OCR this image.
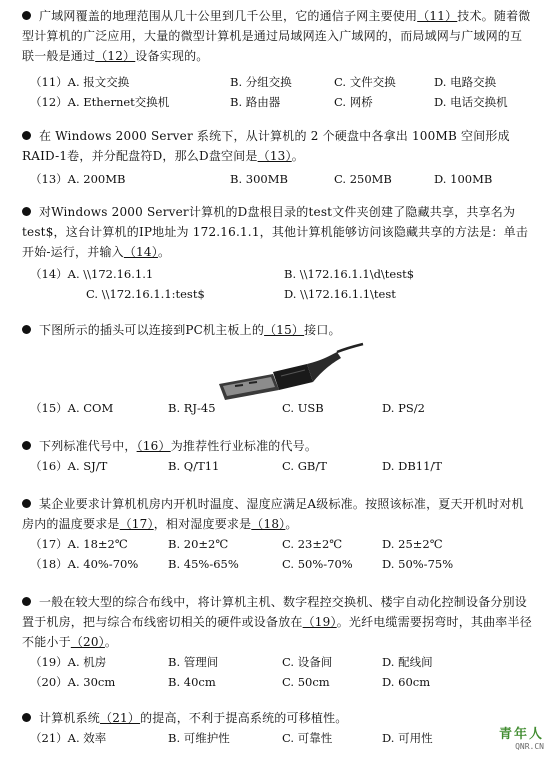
广域网覆盖的地理范围从几十公里到几千公里，它的通信子网主要使用（11）技术。随着微型计算机的广泛应用，大量的微型计算机是通过局域网连入广域网的，而局域网与广域网的互联一般是通过（12）设备实现的。
（11）A. 报文交换	B. 分组交换	C. 文件交换	D. 电路交换
（12）A. Ethernet交换机	B. 路由器	C. 网桥	D. 电话交换机
在 Windows 2000 Server 系统下，从计算机的 2 个硬盘中各拿出 100MB 空间形成RAID-1卷，并分配盘符D，那么D盘空间是（13）。
（13）A. 200MB	B. 300MB	C. 250MB	D. 100MB
对Windows 2000 Server计算机的D盘根目录的test文件夹创建了隐藏共享，共享名为test$，这台计算机的IP地址为 172.16.1.1，其他计算机能够访问该隐藏共享的方法是：单击开始-运行，并输入（14）。
（14）A. \\172.16.1.1	B. \\172.16.1.1\d\test$
C. \\172.16.1.1:test$	D. \\172.16.1.1\test
下图所示的插头可以连接到PC机主板上的（15）接口。
（15）A. COM	B. RJ-45	C. USB	D. PS/2
下列标准代号中，（16）为推荐性行业标准的代号。
（16）A. SJ/T	B. Q/T11	C. GB/T	D. DB11/T
某企业要求计算机机房内开机时温度、湿度应满足A级标准。按照该标准，夏天开机时对机房内的温度要求是（17），相对湿度要求是（18）。
（17）A. 18±2℃	B. 20±2℃	C. 23±2℃	D. 25±2℃
（18）A. 40%-70%	B. 45%-65%	C. 50%-70%	D. 50%-75%
一般在较大型的综合布线中，将计算机主机、数字程控交换机、楼宇自动化控制设备分别设置于机房，把与综合布线密切相关的硬件或设备放在（19）。光纤电缆需要拐弯时，其曲率半径不能小于（20）。
（19）A. 机房	B. 管理间	C. 设备间	D. 配线间
（20）A. 30cm	B. 40cm	C. 50cm	D. 60cm
计算机系统（21）的提高，不利于提高系统的可移植性。
（21）A. 效率	B. 可维护性	C. 可靠性	D. 可用性	青年人
QNR.CN
